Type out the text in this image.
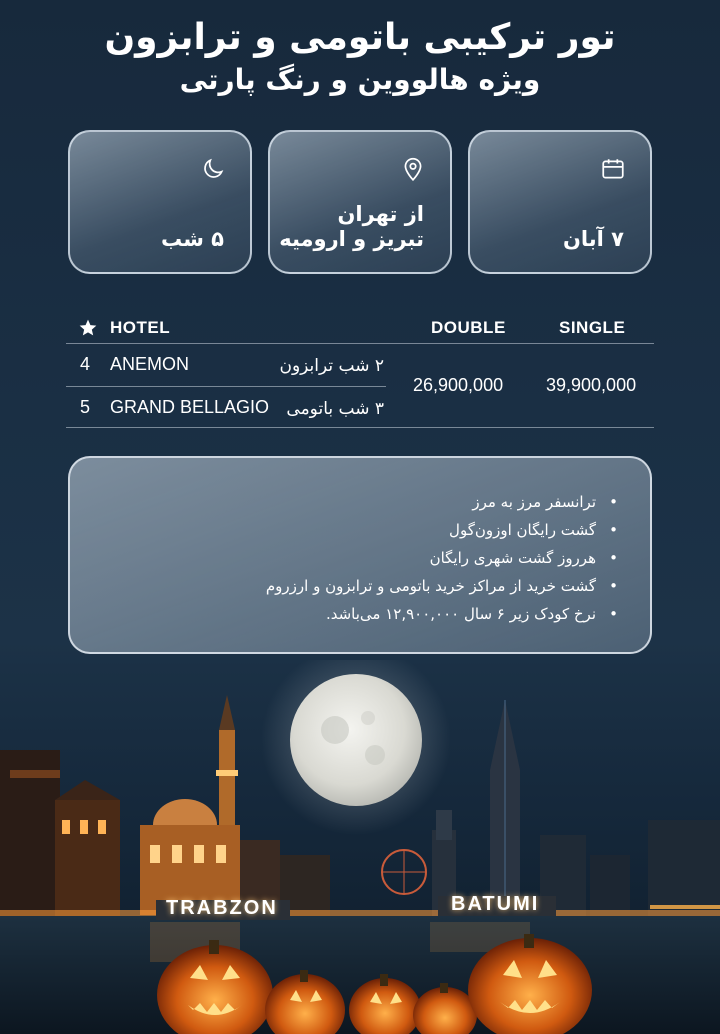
تور ترکیبی باتومی و ترابزون
ویژه هالووین و رنگ پارتی
۷ آبان
از تهران
تبریز و ارومیه
۵ شب
HOTEL	DOUBLE	SINGLE
4 ANEMON	۲ شب ترابزون
5 GRAND BELLAGIO ۳ شب باتومی
26,900,000 39,900,000
• ترانسفر مرز به مرز
• گشت رایگان اوزون‌گول
• هرروز گشت شهری رایگان
• گشت خرید از مراکز خرید باتومی و ترابزون و ارزروم
• نرخ کودک زیر ۶ سال ۱۲,۹۰۰,۰۰۰ می‌باشد.
TRABZON	BATUMI
